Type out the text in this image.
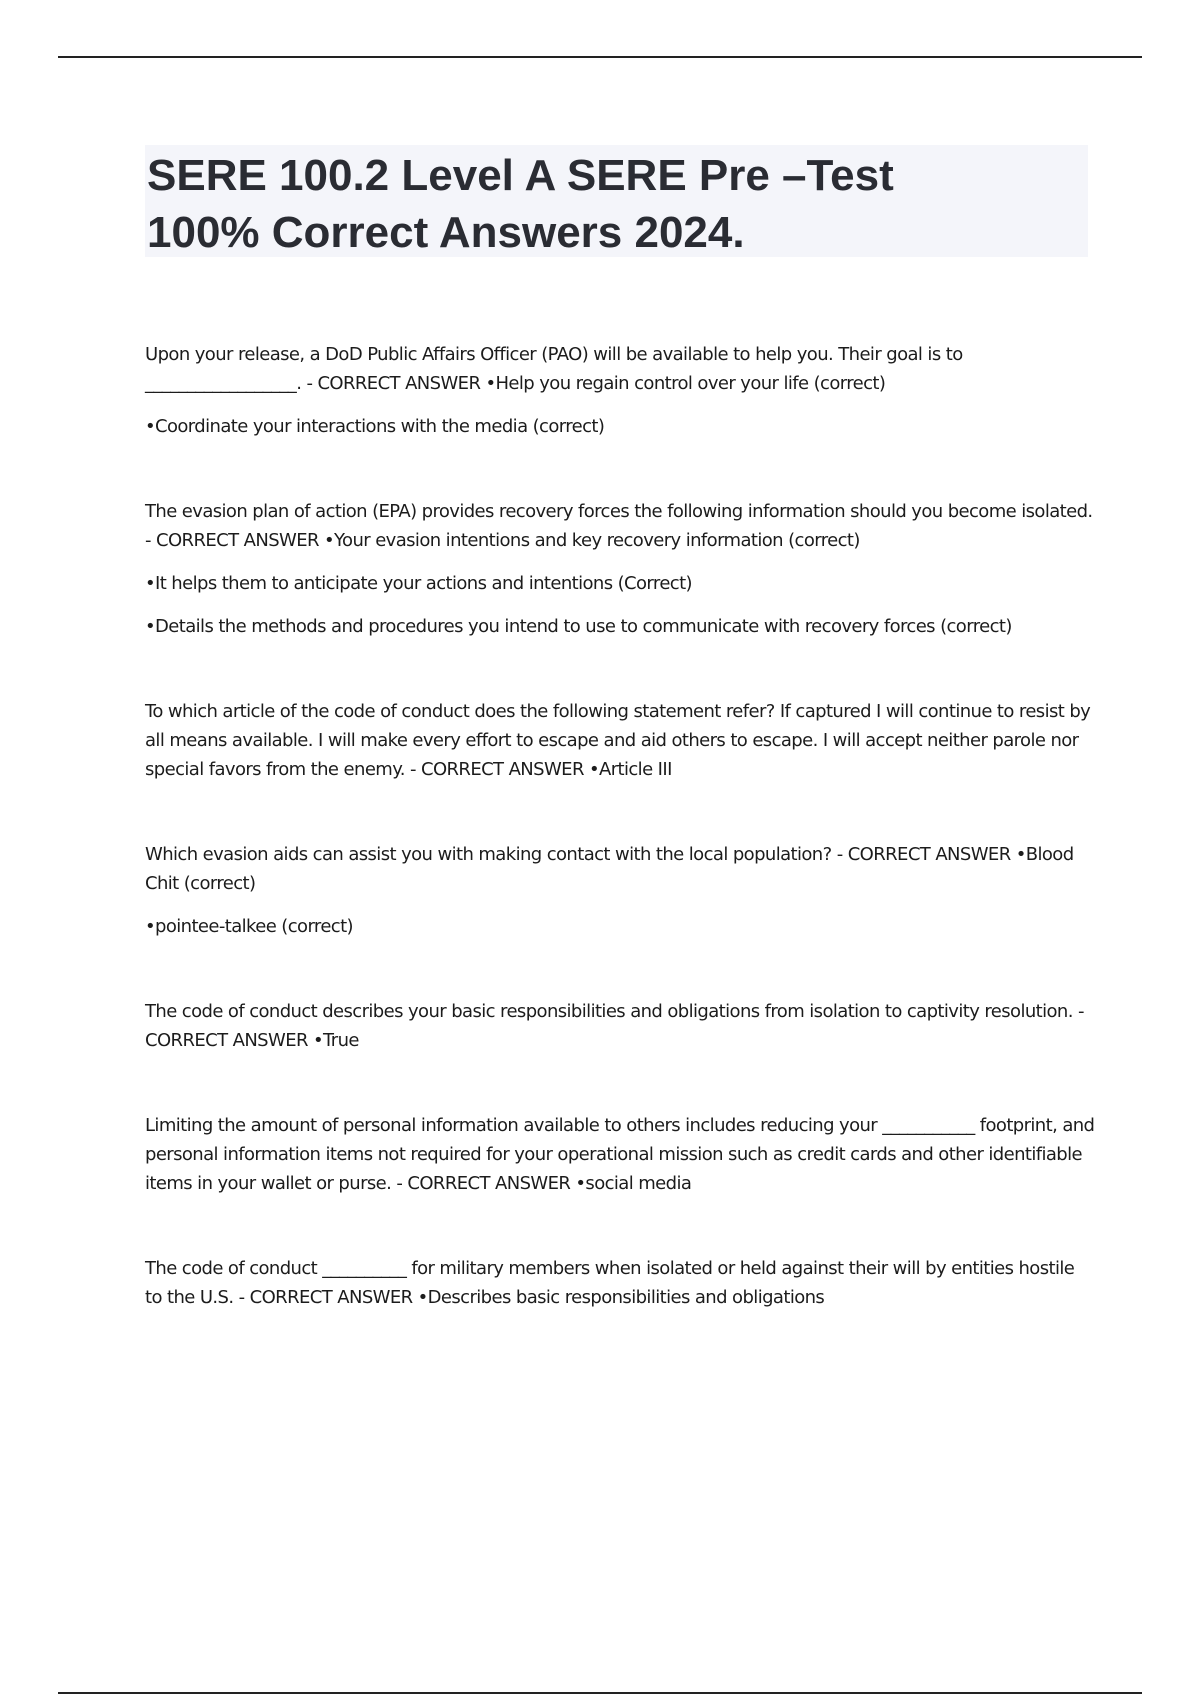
SERE 100.2 Level A SERE Pre –Test
100% Correct Answers 2024.

Upon your release, a DoD Public Affairs Officer (PAO) will be available to help you. Their goal is to __________________. - CORRECT ANSWER •Help you regain control over your life (correct)

•Coordinate your interactions with the media (correct)

The evasion plan of action (EPA) provides recovery forces the following information should you become isolated. - CORRECT ANSWER •Your evasion intentions and key recovery information (correct)

•It helps them to anticipate your actions and intentions (Correct)

•Details the methods and procedures you intend to use to communicate with recovery forces (correct)

To which article of the code of conduct does the following statement refer? If captured I will continue to resist by all means available. I will make every effort to escape and aid others to escape. I will accept neither parole nor special favors from the enemy. - CORRECT ANSWER •Article III

Which evasion aids can assist you with making contact with the local population? - CORRECT ANSWER •Blood Chit (correct)

•pointee-talkee (correct)

The code of conduct describes your basic responsibilities and obligations from isolation to captivity resolution. - CORRECT ANSWER •True

Limiting the amount of personal information available to others includes reducing your ___________ footprint, and personal information items not required for your operational mission such as credit cards and other identifiable items in your wallet or purse. - CORRECT ANSWER •social media

The code of conduct __________ for military members when isolated or held against their will by entities hostile to the U.S. - CORRECT ANSWER •Describes basic responsibilities and obligations
